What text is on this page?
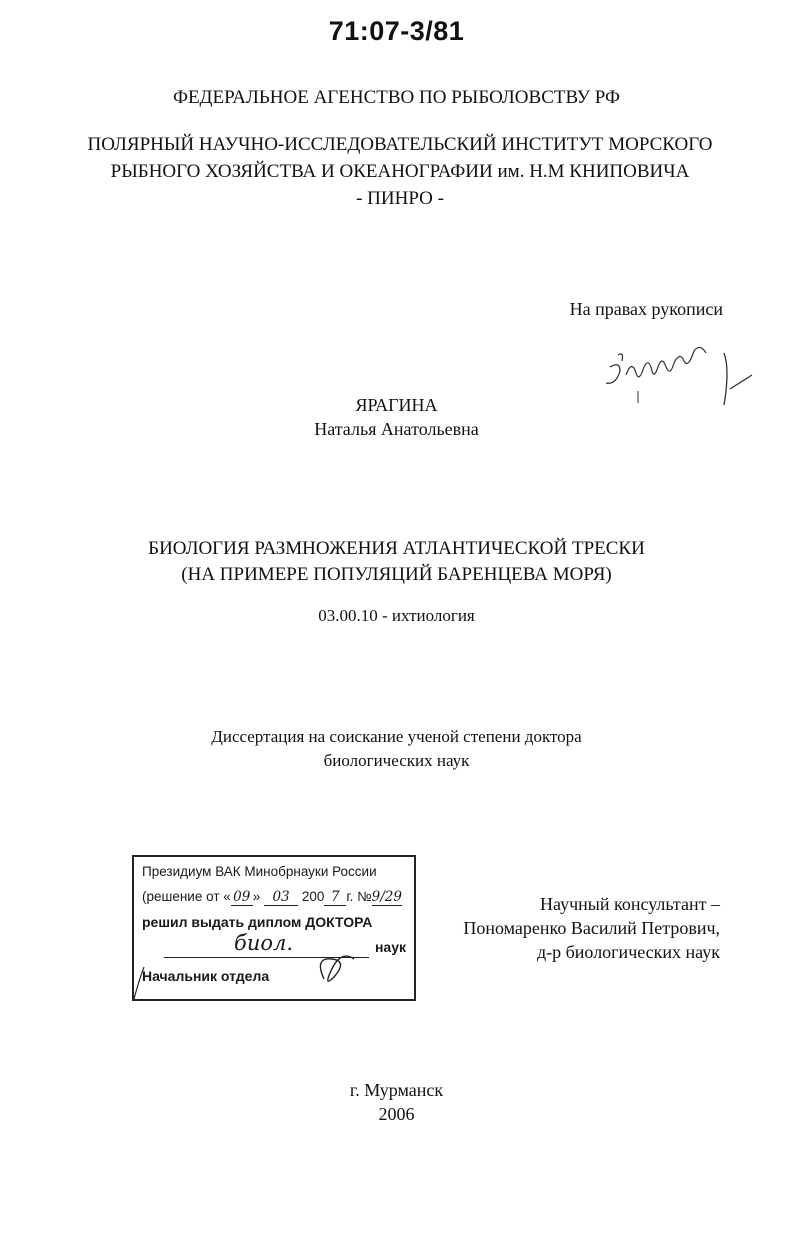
71:07-3/81
ФЕДЕРАЛЬНОЕ АГЕНСТВО ПО РЫБОЛОВСТВУ РФ
ПОЛЯРНЫЙ НАУЧНО-ИССЛЕДОВАТЕЛЬСКИЙ ИНСТИТУТ МОРСКОГО
РЫБНОГО ХОЗЯЙСТВА И ОКЕАНОГРАФИИ им. Н.М КНИПОВИЧА
- ПИНРО -
На правах рукописи
ЯРАГИНА
Наталья Анатольевна
БИОЛОГИЯ РАЗМНОЖЕНИЯ АТЛАНТИЧЕСКОЙ ТРЕСКИ
(НА ПРИМЕРЕ ПОПУЛЯЦИЙ БАРЕНЦЕВА МОРЯ)
03.00.10 - ихтиология
Диссертация на соискание ученой степени доктора
биологических наук
Президиум ВАК Минобрнауки России
(решение от « 09 » 03 200 7 г. №9/29
решил выдать диплом ДОКТОРА
биол.	наук
Начальник отдела
Научный консультант –
Пономаренко Василий Петрович,
д-р биологических наук
г. Мурманск
2006
